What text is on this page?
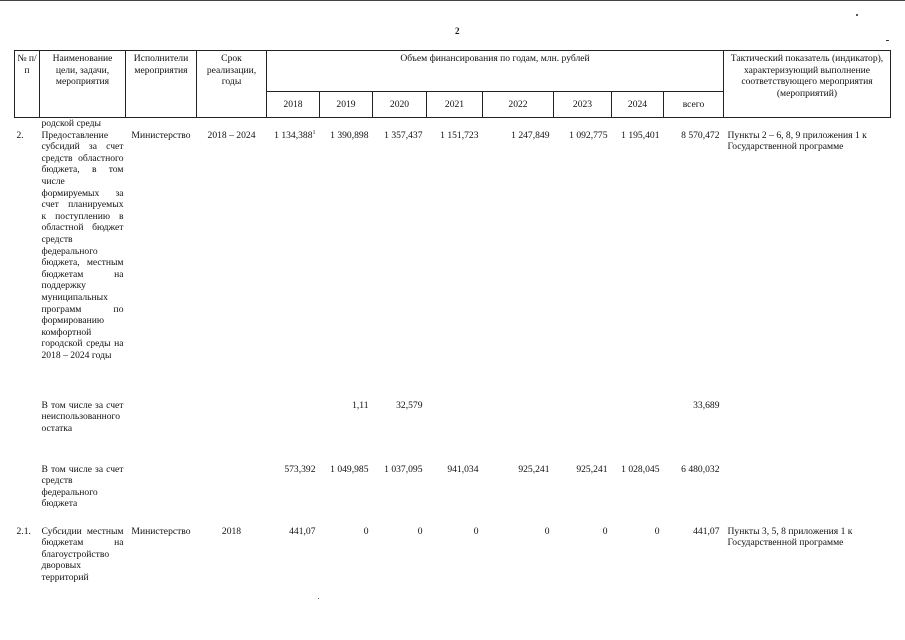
2
№ п/п	Наименование цели, задачи, мероприятия	Исполнители мероприятия	Срок реализации, годы	Объем финансирования по годам, млн. рублей								Тактический показатель (индикатор), характеризующий выполнение соответствующего мероприятия (мероприятий)
				2018	2019	2020	2021	2022	2023	2024	всего	
	родской среды											
2.	Предоставление субсидий за счет средств областного бюджета, в том числе формируемых за счет планируемых к поступлению в областной бюджет средств федерального бюджета, местным бюджетам на поддержку муниципальных программ по формированию комфортной городской среды на 2018 – 2024 годы	Министерство	2018 – 2024	1 134,388$^1$	1 390,898	1 357,437	1 151,723	1 247,849	1 092,775	1 195,401	8 570,472	Пункты 2 – 6, 8, 9 приложения 1 к Государственной программе
	В том числе за счет неиспользованного остатка				1,11	32,579					33,689	
	В том числе за счет средств федерального бюджета			573,392	1 049,985	1 037,095	941,034	925,241	925,241	1 028,045	6 480,032	
2.1.	Субсидии местным бюджетам на благоустройство дворовых территорий	Министерство	2018	441,07	0	0	0	0	0	0	441,07	Пункты 3, 5, 8 приложения 1 к Государственной программе
